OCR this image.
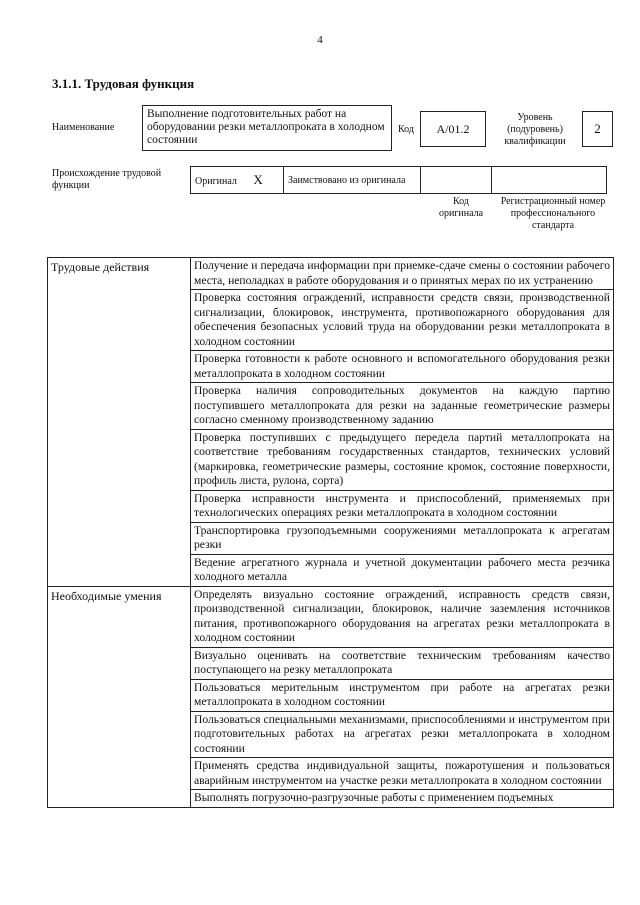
4
3.1.1. Трудовая функция
Наименование
Выполнение подготовительных работ на оборудовании резки металлопроката в холодном состоянии
Код	A/01.2
Уровень (подуровень) квалификации
2
Происхождение трудовой функции	Оригинал X	Заимствовано из оригинала		
Код оригинала
Регистрационный номер профессионального стандарта
Трудовые действия	Получение и передача информации при приемке-сдаче смены о состоянии рабочего места, неполадках в работе оборудования и о принятых мерах по их устранению
	Проверка состояния ограждений, исправности средств связи, производственной сигнализации, блокировок, инструмента, противопожарного оборудования для обеспечения безопасных условий труда на оборудовании резки металлопроката в холодном состоянии
	Проверка готовности к работе основного и вспомогательного оборудования резки металлопроката в холодном состоянии
	Проверка наличия сопроводительных документов на каждую партию поступившего металлопроката для резки на заданные геометрические размеры согласно сменному производственному заданию
	Проверка поступивших с предыдущего передела партий металлопроката на соответствие требованиям государственных стандартов, технических условий (маркировка, геометрические размеры, состояние кромок, состояние поверхности, профиль листа, рулона, сорта)
	Проверка исправности инструмента и приспособлений, применяемых при технологических операциях резки металлопроката в холодном состоянии
	Транспортировка грузоподъемными сооружениями металлопроката к агрегатам резки
	Ведение агрегатного журнала и учетной документации рабочего места резчика холодного металла
Необходимые умения	Определять визуально состояние ограждений, исправность средств связи, производственной сигнализации, блокировок, наличие заземления источников питания, противопожарного оборудования на агрегатах резки металлопроката в холодном состоянии
	Визуально оценивать на соответствие техническим требованиям качество поступающего на резку металлопроката
	Пользоваться мерительным инструментом при работе на агрегатах резки металлопроката в холодном состоянии
	Пользоваться специальными механизмами, приспособлениями и инструментом при подготовительных работах на агрегатах резки металлопроката в холодном состоянии
	Применять средства индивидуальной защиты, пожаротушения и пользоваться аварийным инструментом на участке резки металлопроката в холодном состоянии
	Выполнять погрузочно-разгрузочные работы с применением подъемных
